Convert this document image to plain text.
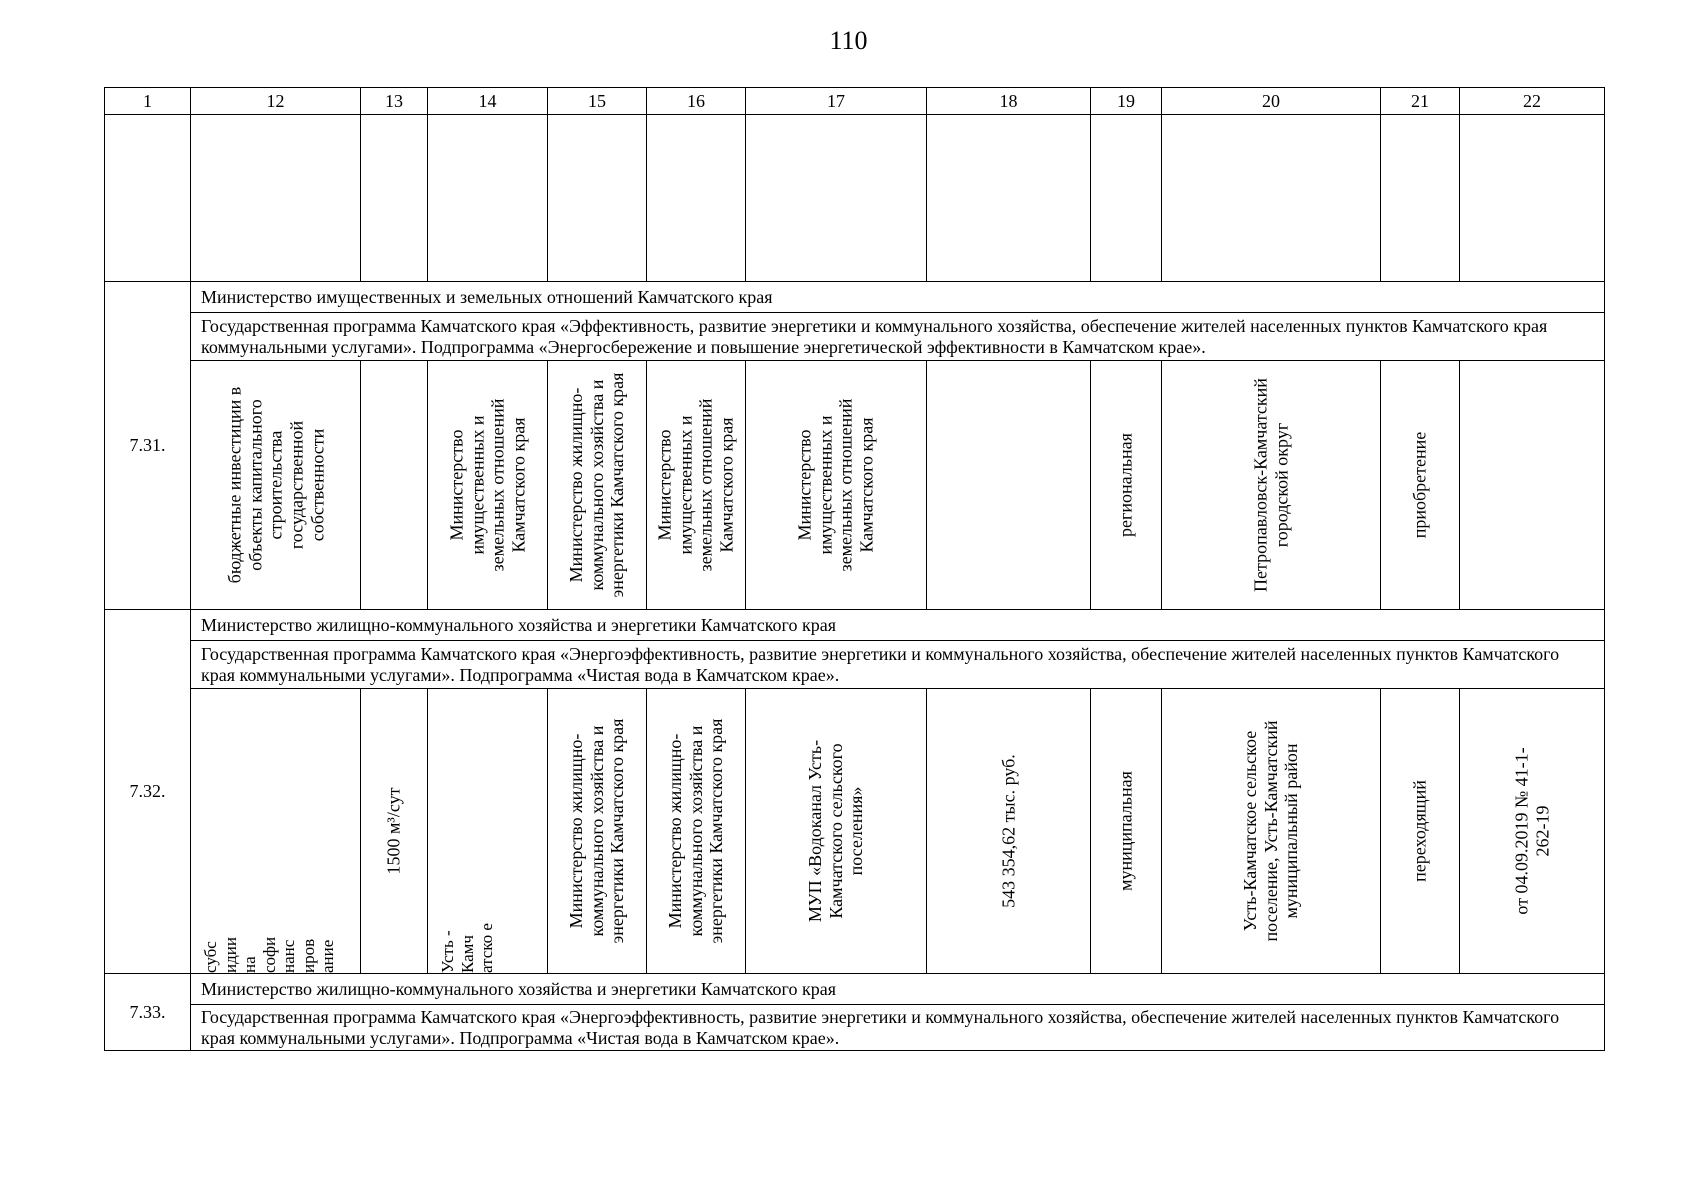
110
1	12	13	14	15	16	17	18	19	20	21	22

7.31.	Министерство имущественных и земельных отношений Камчатского края										
	Государственная программа Камчатского края «Эффективность, развитие энергетики и коммунального хозяйства, обеспечение жителей населенных пунктов Камчатского края коммунальными услугами». Подпрограмма «Энергосбережение и повышение энергетической эффективности в Камчатском крае».										

	бюджетные инвестиции в объекты капитального строительства государственной собственности		Министерство имущественных и земельных отношений Камчатского края	Министерство жилищно-коммунального хозяйства и энергетики Камчатского края	Министерство имущественных и земельных отношений Камчатского края	Министерство имущественных и земельных отношений Камчатского края		региональная	Петропавловск-Камчатский городской округ	приобретение	

7.32.	Министерство жилищно-коммунального хозяйства и энергетики Камчатского края										
	Государственная программа Камчатского края «Энергоэффективность, развитие энергетики и коммунального хозяйства, обеспечение жителей населенных пунктов Камчатского края коммунальными услугами». Подпрограмма «Чистая вода в Камчатском крае».										

	субс идии на софи нанс иров ание	1500 м³/сут	Усть - Камч атско е	Министерство жилищно-коммунального хозяйства и энергетики Камчатского края	Министерство жилищно-коммунального хозяйства и энергетики Камчатского края	МУП «Водоканал Усть-Камчатского сельского поселения»	543 354,62 тыс. руб.	муниципальная	Усть-Камчатское сельское поселение, Усть-Камчатский муниципальный район	переходящий	от 04.09.2019 № 41-1-262-19

7.33.	Министерство жилищно-коммунального хозяйства и энергетики Камчатского края										
	Государственная программа Камчатского края «Энергоэффективность, развитие энергетики и коммунального хозяйства, обеспечение жителей населенных пунктов Камчатского края коммунальными услугами». Подпрограмма «Чистая вода в Камчатском крае».										
